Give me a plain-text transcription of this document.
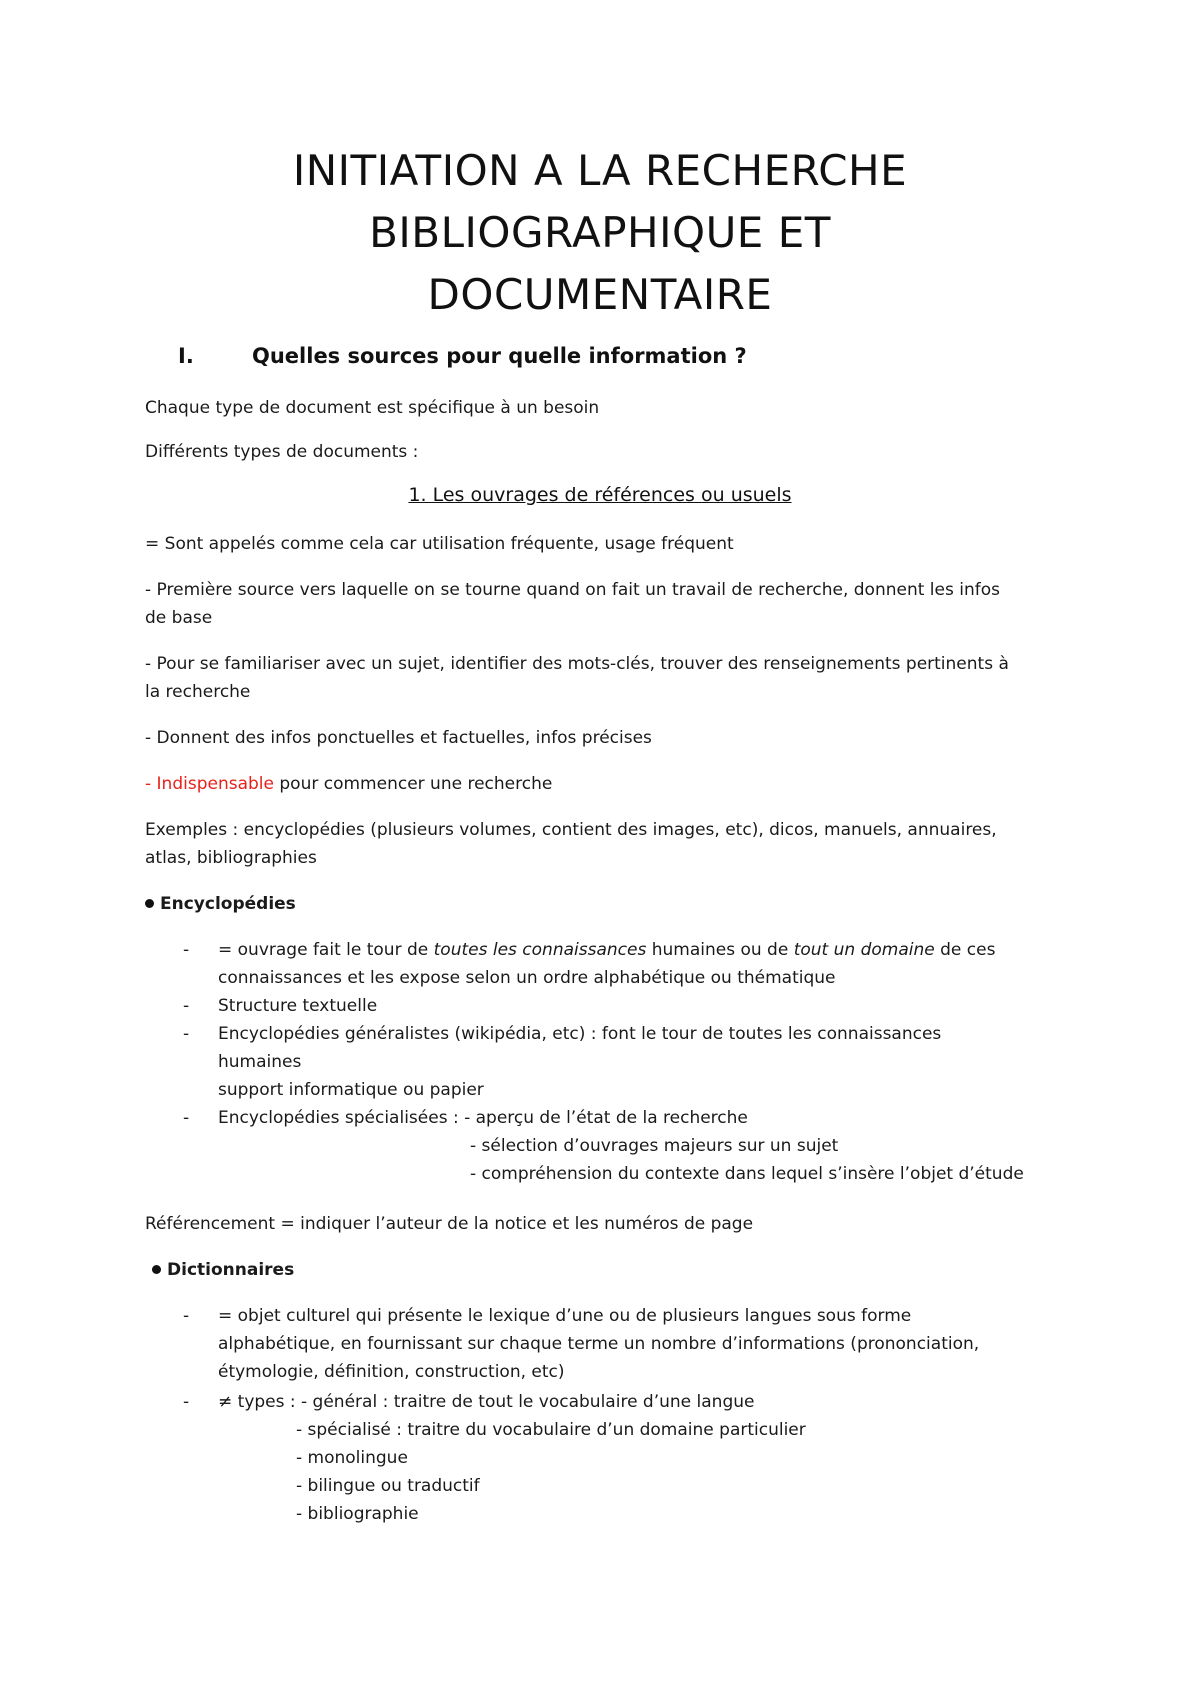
INITIATION A LA RECHERCHE
BIBLIOGRAPHIQUE ET
DOCUMENTAIRE
I.	Quelles sources pour quelle information ?
Chaque type de document est spécifique à un besoin
Différents types de documents :
1. Les ouvrages de références ou usuels
= Sont appelés comme cela car utilisation fréquente, usage fréquent
- Première source vers laquelle on se tourne quand on fait un travail de recherche, donnent les infos
de base
- Pour se familiariser avec un sujet, identifier des mots-clés, trouver des renseignements pertinents à
la recherche
- Donnent des infos ponctuelles et factuelles, infos précises
- Indispensable pour commencer une recherche
Exemples : encyclopédies (plusieurs volumes, contient des images, etc), dicos, manuels, annuaires,
atlas, bibliographies
Encyclopédies
- = ouvrage fait le tour de toutes les connaissances humaines ou de tout un domaine de ces
connaissances et les expose selon un ordre alphabétique ou thématique
- Structure textuelle
- Encyclopédies généralistes (wikipédia, etc) : font le tour de toutes les connaissances
humaines
support informatique ou papier
- Encyclopédies spécialisées : - aperçu de l’état de la recherche
- sélection d’ouvrages majeurs sur un sujet
- compréhension du contexte dans lequel s’insère l’objet d’étude
Référencement = indiquer l’auteur de la notice et les numéros de page
Dictionnaires
- = objet culturel qui présente le lexique d’une ou de plusieurs langues sous forme
alphabétique, en fournissant sur chaque terme un nombre d’informations (prononciation,
étymologie, définition, construction, etc)
- ≠ types : - général : traitre de tout le vocabulaire d’une langue
- spécialisé : traitre du vocabulaire d’un domaine particulier
- monolingue
- bilingue ou traductif
- bibliographie
